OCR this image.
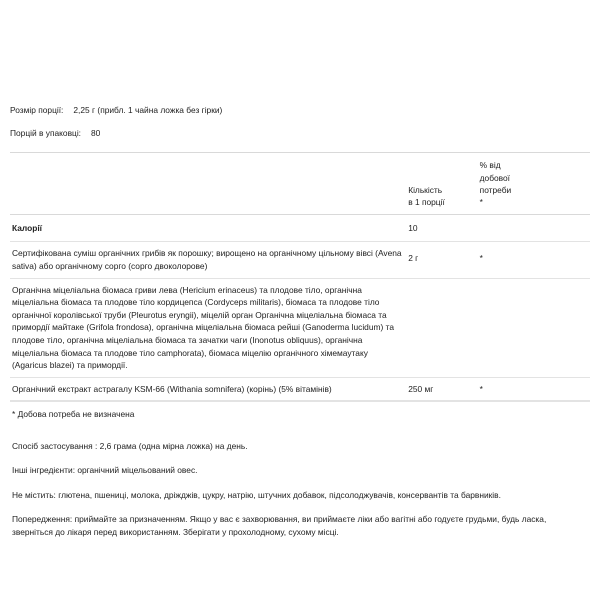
Розмір порції: 2,25 г (прибл. 1 чайна ложка без гірки)
Порцій в упаковці: 80

Кількість
в 1 порції

% від
добової
потреби
*

Калорії	10	
Сертифікована суміш органічних грибів як порошку; вирощено на органічному цільному вівсі (Avena sativa) або органічному сорго (сорго двоколорове)	2 г	*
Органічна міцеліальна біомаса гриви лева (Hericium erinaceus) та плодове тіло, органічна міцеліальна біомаса та плодове тіло кордицепса (Cordyceps militaris), біомаса та плодове тіло органічної королівської труби (Pleurotus eryngii), міцелій орган Органічна міцеліальна біомаса та примордії майтаке (Grifola frondosa), органічна міцеліальна біомаса рейші (Ganoderma lucidum) та плодове тіло, органічна міцеліальна біомаса та зачатки чаги (Inonotus obliquus), органічна міцеліальна біомаса та плодове тіло camphorata), біомаса міцелію органічного хімемаутаку (Agaricus blazei) та примордії.		
Органічний екстракт астрагалу KSM-66 (Withania somnifera) (корінь) (5% вітамінів)	250 мг	*
* Добова потреба не визначена
Спосіб застосування : 2,6 грама (одна мірна ложка) на день.
Інші інгредієнти: органічний міцельований овес.
Не містить: глютена, пшениці, молока, дріжджів, цукру, натрію, штучних добавок, підсолоджувачів, консервантів та барвників.
Попередження: приймайте за призначенням. Якщо у вас є захворювання, ви приймаєте ліки або вагітні або годуєте грудьми, будь ласка, зверніться до лікаря перед використанням. Зберігати у прохолодному, сухому місці.
